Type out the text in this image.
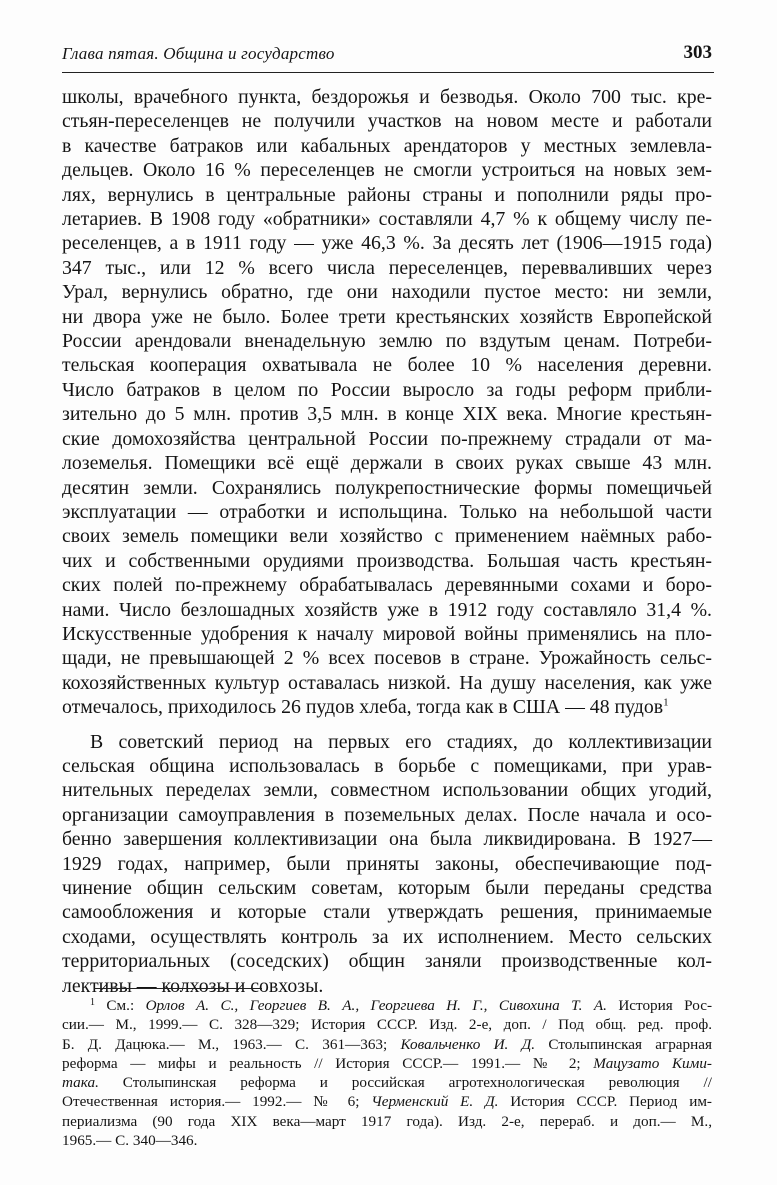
Глава пятая. Община и государство	303

школы, врачебного пункта, бездорожья и безводья. Около 700 тыс. кре-

стьян-переселенцев не получили участков на новом месте и работали

в качестве батраков или кабальных арендаторов у местных землевла-

дельцев. Около 16 % переселенцев не смогли устроиться на новых зем-

лях, вернулись в центральные районы страны и пополнили ряды про-

летариев. В 1908 году «обратники» составляли 4,7 % к общему числу пе-

реселенцев, а в 1911 году — уже 46,3 %. За десять лет (1906—1915 года)

347 тыс., или 12 % всего числа переселенцев, перевваливших через

Урал, вернулись обратно, где они находили пустое место: ни земли,

ни двора уже не было. Более трети крестьянских хозяйств Европейской

России арендовали вненадельную землю по вздутым ценам. Потреби-

тельская кооперация охватывала не более 10 % населения деревни.

Число батраков в целом по России выросло за годы реформ прибли-

зительно до 5 млн. против 3,5 млн. в конце XIX века. Многие крестьян-

ские домохозяйства центральной России по-прежнему страдали от ма-

лоземелья. Помещики всё ещё держали в своих руках свыше 43 млн.

десятин земли. Сохранялись полукрепостнические формы помещичьей

эксплуатации — отработки и испольщина. Только на небольшой части

своих земель помещики вели хозяйство с применением наёмных рабо-

чих и собственными орудиями производства. Большая часть крестьян-

ских полей по-прежнему обрабатывалась деревянными сохами и боро-

нами. Число безлошадных хозяйств уже в 1912 году составляло 31,4 %.

Искусственные удобрения к началу мировой войны применялись на пло-

щади, не превышающей 2 % всех посевов в стране. Урожайность сельс-

кохозяйственных культур оставалась низкой. На душу населения, как уже

отмечалось, приходилось 26 пудов хлеба, тогда как в США — 48 пудов$^1$

В советский период на первых его стадиях, до коллективизации

сельская община использовалась в борьбе с помещиками, при урав-

нительных переделах земли, совместном использовании общих угодий,

организации самоуправления в поземельных делах. После начала и осо-

бенно завершения коллективизации она была ликвидирована. В 1927—

1929 годах, например, были приняты законы, обеспечивающие под-

чинение общин сельским советам, которым были переданы средства

самообложения и которые стали утверждать решения, принимаемые

сходами, осуществлять контроль за их исполнением. Место сельских

территориальных (соседских) общин заняли производственные кол-

лективы — колхозы и совхозы.

$^1$ См.: Орлов А. С., Георгиев В. А., Георгиева Н. Г., Сивохина Т. А. История Рос-

сии.— М., 1999.— С. 328—329; История СССР. Изд. 2-е, доп. / Под общ. ред. проф.

Б. Д. Дацюка.— М., 1963.— С. 361—363; Ковальченко И. Д. Столыпинская аграрная

реформа — мифы и реальность // История СССР.— 1991.— № 2; Мацузато Кими-

така. Столыпинская реформа и российская агротехнологическая революция //

Отечественная история.— 1992.— № 6; Черменский Е. Д. История СССР. Период им-

периализма (90 года XIX века—март 1917 года). Изд. 2-е, перераб. и доп.— М.,

1965.— С. 340—346.
